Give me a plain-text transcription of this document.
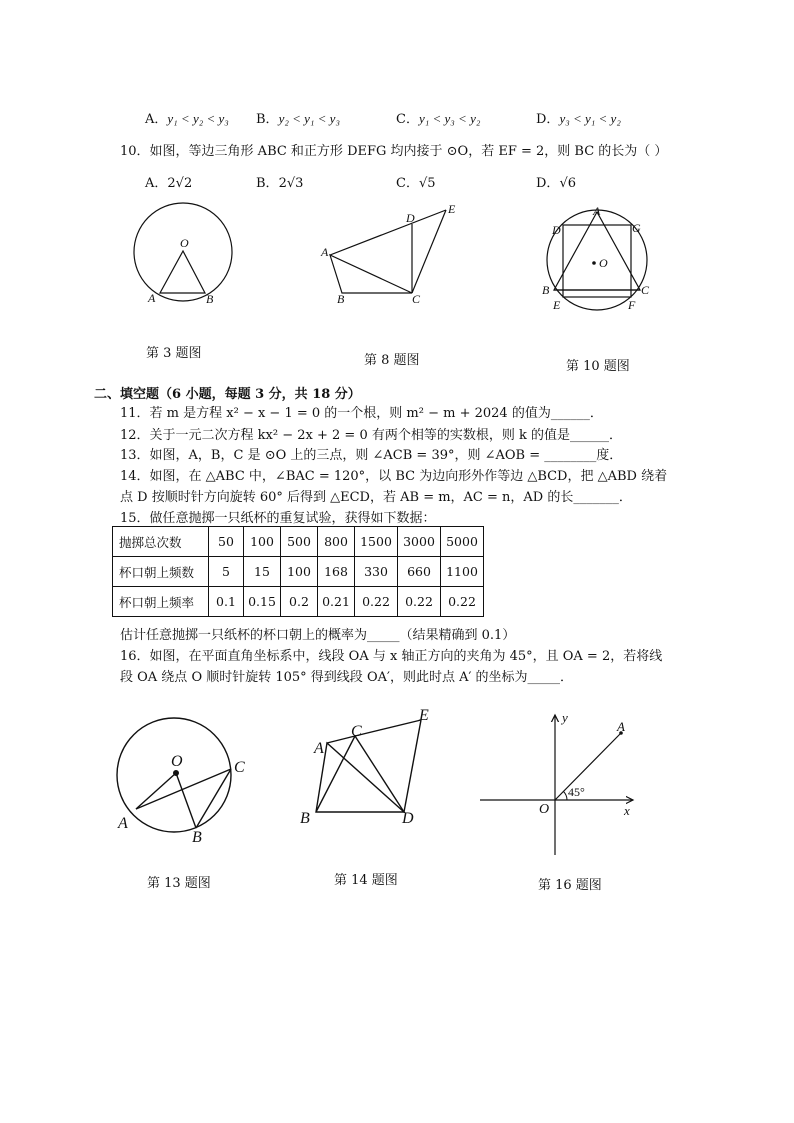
A．y₁ < y₂ < y₃ B．y₂ < y₁ < y₃	C．y₁ < y₃ < y₂	D．y₃ < y₁ < y₂
10．如图，等边三角形 ABC 和正方形 DEFG 均内接于 ⊙O，若 EF = 2，则 BC 的长为（ ）
A．2√2	B．2√3	C．√5	D．√6
O
A	B
第 3 题图
A
B	C
D
E
第 8 题图
O
A
D	G
B	C
E	F
第 10 题图
二、填空题（6 小题，每题 3 分，共 18 分）
11．若 m 是方程 x² − x − 1 = 0 的一个根，则 m² − m + 2024 的值为______．
12．关于一元二次方程 kx² − 2x + 2 = 0 有两个相等的实数根，则 k 的值是______．
13．如图，A，B，C 是 ⊙O 上的三点，则 ∠ACB = 39°，则 ∠AOB = ________度．
14．如图，在 △ABC 中，∠BAC = 120°，以 BC 为边向形外作等边 △BCD，把 △ABD 绕着
点 D 按顺时针方向旋转 60° 后得到 △ECD，若 AB = m，AC = n，AD 的长_______．
15．做任意抛掷一只纸杯的重复试验，获得如下数据：
抛掷总次数	50	100	500	800	1500	3000	5000
杯口朝上频数	5	15	100	168	330	660	1100
杯口朝上频率	0.1	0.15	0.2	0.21	0.22	0.22	0.22
估计任意抛掷一只纸杯的杯口朝上的概率为_____（结果精确到 0.1）
16．如图，在平面直角坐标系中，线段 OA 与 x 轴正方向的夹角为 45°，且 OA = 2，若将线
段 OA 绕点 O 顺时针旋转 105° 得到线段 OA′，则此时点 A′ 的坐标为_____．
O
A
B
C
第 13 题图
A
B
C
D
E
第 14 题图
y
x
O
A
45°
第 16 题图
